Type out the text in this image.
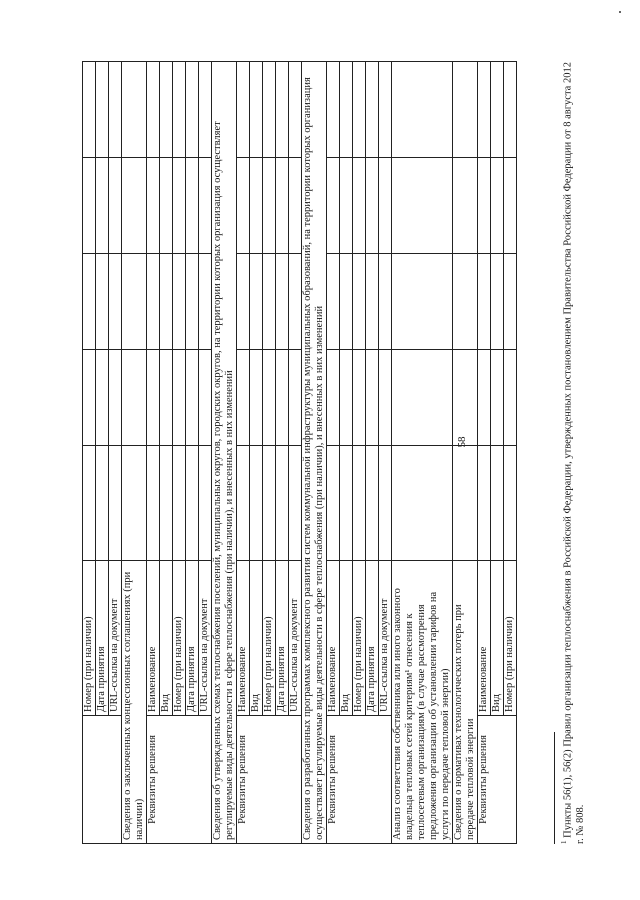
58
	Номер (при наличии)					
	Дата принятия					
	URL-ссылка на документ					
Сведения о заключенных концессионных соглашениях (при наличии)						
Реквизиты решения	Наименование					
	Вид					
	Номер (при наличии)					
	Дата принятия					
	URL-ссылка на документ					
Сведения об утвержденных схемах теплоснабжения поселений, муниципальных округов, городских округов, на территории которых организация осуществляет регулируемые виды деятельности в сфере теплоснабжения (при наличии), и внесенных в них изменений						
Реквизиты решения	Наименование					
	Вид					
	Номер (при наличии)					
	Дата принятия					
	URL-ссылка на документ					
Сведения о разработанных программах комплексного развития систем коммунальной инфраструктуры муниципальных образований, на территории которых организация осуществляет регулируемые виды деятельности в сфере теплоснабжения (при наличии), и внесенных в них изменений						
Реквизиты решения	Наименование					
	Вид					
	Номер (при наличии)					
	Дата принятия					
	URL-ссылка на документ					
Анализ соответствия собственника или иного законного владельца тепловых сетей критериям¹ отнесения к теплосетевым организациям (в случае рассмотрения предложения организации об установлении тарифов на услуги по передаче тепловой энергии)						
Сведения о нормативах технологических потерь при передаче тепловой энергии						
Реквизиты решения	Наименование					
	Вид					
	Номер (при наличии)					
$^1$ Пункты 56(1), 56(2) Правил организации теплоснабжения в Российской Федерации, утвержденных постановлением Правительства Российской Федерации от 8 августа 2012 г. № 808.
